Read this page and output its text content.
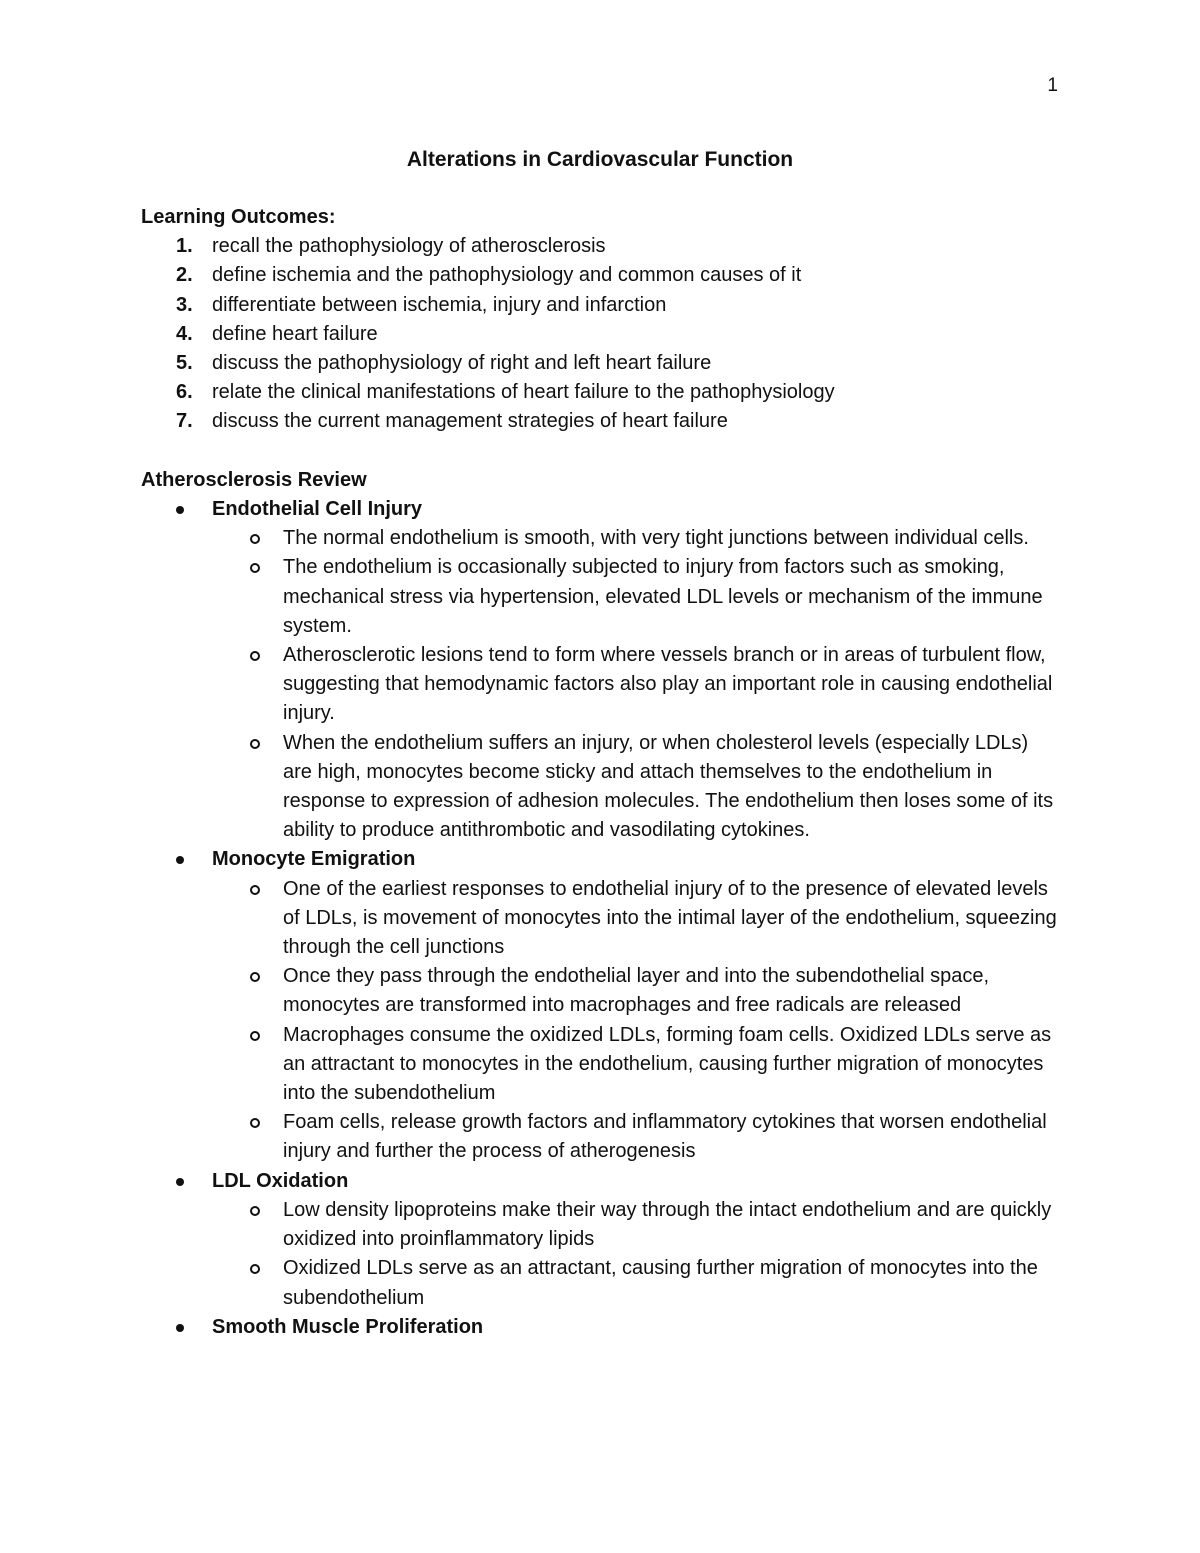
1
Alterations in Cardiovascular Function

Learning Outcomes:

1. recall the pathophysiology of atherosclerosis
2. define ischemia and the pathophysiology and common causes of it
3. differentiate between ischemia, injury and infarction
4. define heart failure
5. discuss the pathophysiology of right and left heart failure
6. relate the clinical manifestations of heart failure to the pathophysiology
7. discuss the current management strategies of heart failure

Atherosclerosis Review

Endothelial Cell Injury
The normal endothelium is smooth, with very tight junctions between individual cells.
The endothelium is occasionally subjected to injury from factors such as smoking, mechanical stress via hypertension, elevated LDL levels or mechanism of the immune system.
Atherosclerotic lesions tend to form where vessels branch or in areas of turbulent flow, suggesting that hemodynamic factors also play an important role in causing endothelial injury.
When the endothelium suffers an injury, or when cholesterol levels (especially LDLs) are high, monocytes become sticky and attach themselves to the endothelium in response to expression of adhesion molecules. The endothelium then loses some of its ability to produce antithrombotic and vasodilating cytokines.
Monocyte Emigration
One of the earliest responses to endothelial injury of to the presence of elevated levels of LDLs, is movement of monocytes into the intimal layer of the endothelium, squeezing through the cell junctions
Once they pass through the endothelial layer and into the subendothelial space, monocytes are transformed into macrophages and free radicals are released
Macrophages consume the oxidized LDLs, forming foam cells. Oxidized LDLs serve as an attractant to monocytes in the endothelium, causing further migration of monocytes into the subendothelium
Foam cells, release growth factors and inflammatory cytokines that worsen endothelial injury and further the process of atherogenesis
LDL Oxidation
Low density lipoproteins make their way through the intact endothelium and are quickly oxidized into proinflammatory lipids
Oxidized LDLs serve as an attractant, causing further migration of monocytes into the subendothelium
Smooth Muscle Proliferation
